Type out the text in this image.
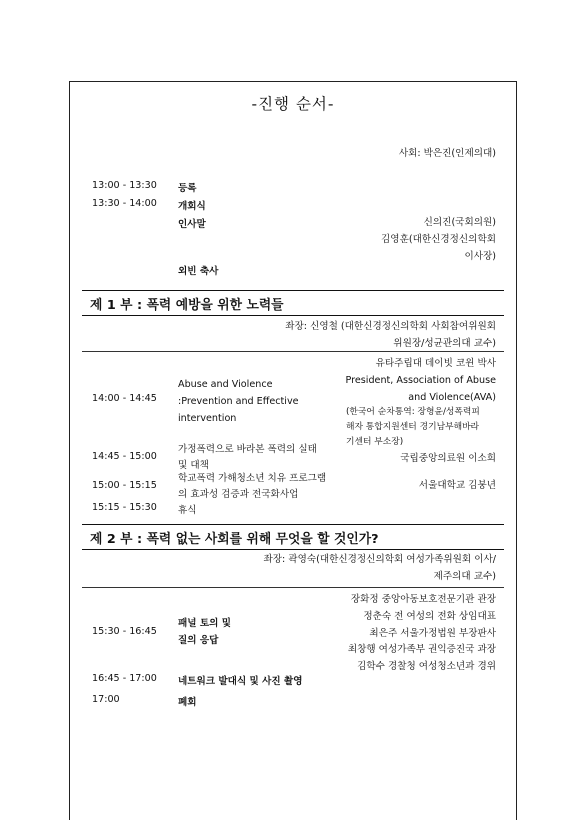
-진행 순서-
사회: 박은진(인제의대)
13:00 - 13:30 등록
13:30 - 14:00 개회식
인사말	신의진(국회의원)
김영훈(대한신경정신의학회
이사장)
외빈 축사
제 1 부 : 폭력 예방을 위한 노력들
좌장: 신영철 (대한신경정신의학회 사회참여위원회
위원장/성균관의대 교수)
14:00 - 14:45
Abuse and Violence
:Prevention and Effective
intervention
유타주립대 데이빗 코윈 박사
President, Association of Abuse
and Violence(AVA)
(한국어 순차통역: 장형윤/성폭력피
해자 통합지원센터 경기남부해바라
기센터 부소장)
14:45 - 15:00
가정폭력으로 바라본 폭력의 실태
및 대책
국립중앙의료원 이소희
15:00 - 15:15
학교폭력 가해청소년 치유 프로그램
의 효과성 검증과 전국화사업
서울대학교 김붕년
15:15 - 15:30 휴식
제 2 부 : 폭력 없는 사회를 위해 무엇을 할 것인가?
좌장: 곽영숙(대한신경정신의학회 여성가족위원회 이사/
제주의대 교수)
15:30 - 16:45
패널 토의 및
질의 응답
장화정 중앙아동보호전문기관 관장
정춘숙 전 여성의 전화 상임대표
최은주 서울가정법원 부장판사
최창행 여성가족부 권익증진국 과장
김학수 경찰청 여성청소년과 경위
16:45 - 17:00 네트워크 발대식 및 사진 촬영
17:00	폐회
